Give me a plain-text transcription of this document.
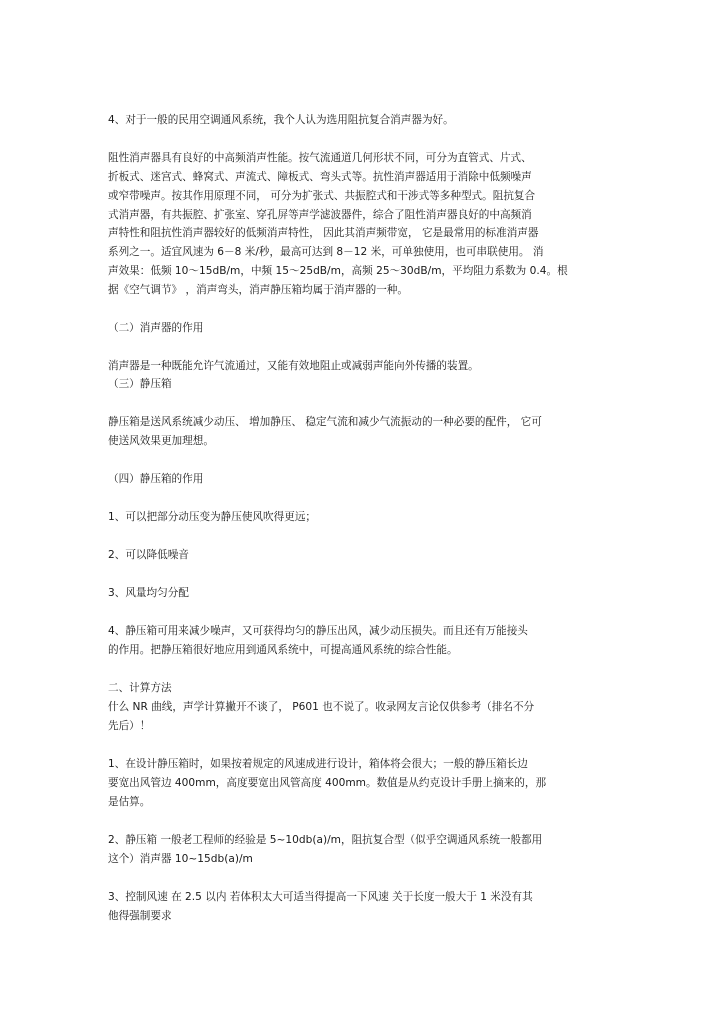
4、对于一般的民用空调通风系统，我个人认为选用阻抗复合消声器为好。
阻性消声器具有良好的中高频消声性能。按气流通道几何形状不同，可分为直管式、片式、
折板式、迷宫式、蜂窝式、声流式、障板式、弯头式等。抗性消声器适用于消除中低频噪声
或窄带噪声。按其作用原理不同， 可分为扩张式、共振腔式和干涉式等多种型式。阻抗复合
式消声器，有共振腔、扩张室、穿孔屏等声学滤波器件，综合了阻性消声器良好的中高频消
声特性和阻抗性消声器较好的低频消声特性， 因此其消声频带宽， 它是最常用的标准消声器
系列之一。适宜风速为 6－8 米/秒，最高可达到 8－12 米，可单独使用，也可串联使用。 消
声效果：低频 10～15dB/m，中频 15～25dB/m，高频 25～30dB/m，平均阻力系数为 0.4。根
据《空气调节》 ，消声弯头，消声静压箱均属于消声器的一种。
（二）消声器的作用
消声器是一种既能允许气流通过，又能有效地阻止或减弱声能向外传播的装置。
（三）静压箱
静压箱是送风系统减少动压、 增加静压、 稳定气流和减少气流振动的一种必要的配件， 它可
使送风效果更加理想。
（四）静压箱的作用
1、可以把部分动压变为静压使风吹得更远；
2、可以降低噪音
3、风量均匀分配
4、静压箱可用来减少噪声，又可获得均匀的静压出风，减少动压损失。而且还有万能接头
的作用。把静压箱很好地应用到通风系统中，可提高通风系统的综合性能。
二、计算方法
什么 NR 曲线，声学计算撇开不谈了， P601 也不说了。收录网友言论仅供参考（排名不分
先后）！
1、在设计静压箱时，如果按着规定的风速成进行设计，箱体将会很大；一般的静压箱长边
要宽出风管边 400mm，高度要宽出风管高度 400mm。数值是从约克设计手册上摘来的，那
是估算。
2、静压箱 一般老工程师的经验是 5~10db(a)/m，阻抗复合型（似乎空调通风系统一般都用
这个）消声器 10~15db(a)/m
3、控制风速 在 2.5 以内 若体积太大可适当得提高一下风速 关于长度一般大于 1 米没有其
他得强制要求
